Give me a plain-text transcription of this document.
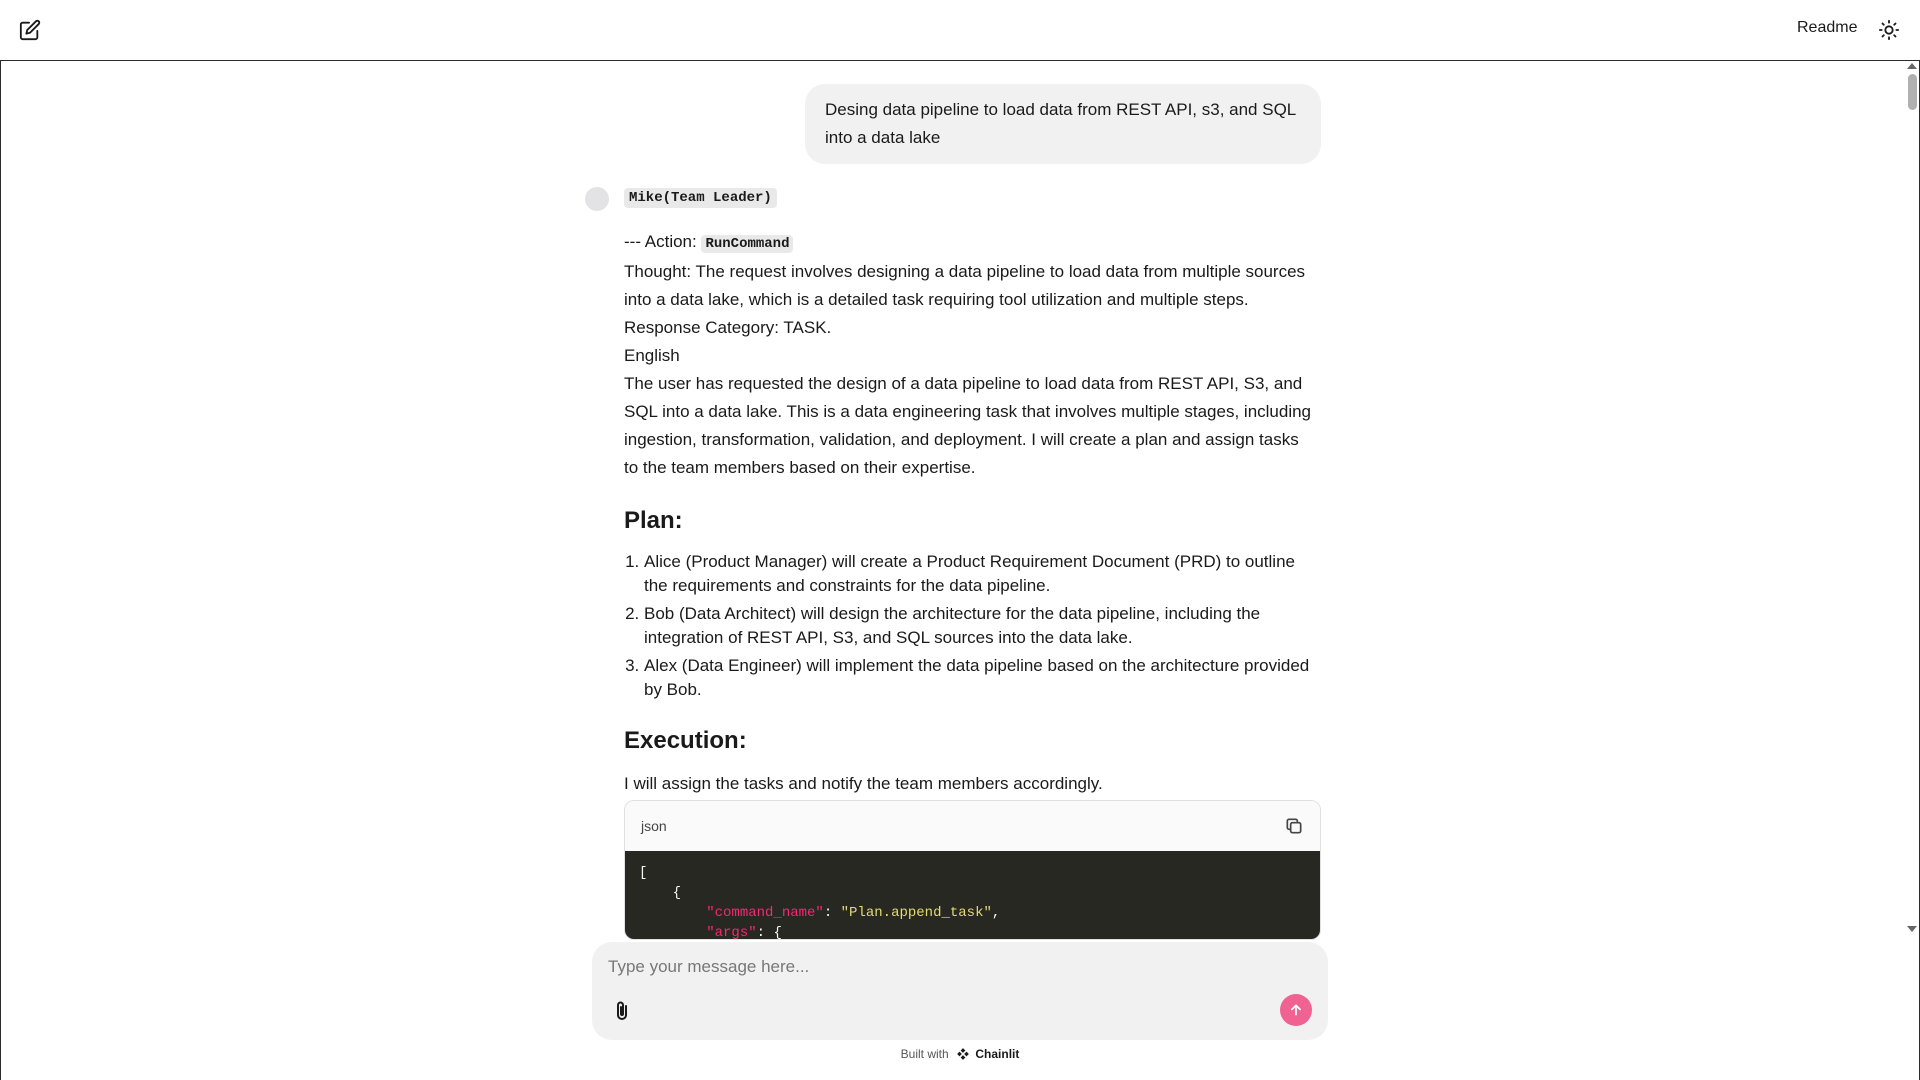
Readme
Desing data pipeline to load data from REST API, s3, and SQL into a data lake
Mike(Team Leader)

--- Action: RunCommand

Thought: The request involves designing a data pipeline to load data from multiple sources into a data lake, which is a detailed task requiring tool utilization and multiple steps.

Response Category: TASK.

English

The user has requested the design of a data pipeline to load data from REST API, S3, and SQL into a data lake. This is a data engineering task that involves multiple stages, including ingestion, transformation, validation, and deployment. I will create a plan and assign tasks to the team members based on their expertise.

Plan:
1. Alice (Product Manager) will create a Product Requirement Document (PRD) to outline the requirements and constraints for the data pipeline.
2. Bob (Data Architect) will design the architecture for the data pipeline, including the integration of REST API, S3, and SQL sources into the data lake.
3. Alex (Data Engineer) will implement the data pipeline based on the architecture provided by Bob.
Execution:

I will assign the tasks and notify the team members accordingly.

json
[
{
"command_name": "Plan.append_task",
"args": {
Type your message here...
Built with Chainlit
